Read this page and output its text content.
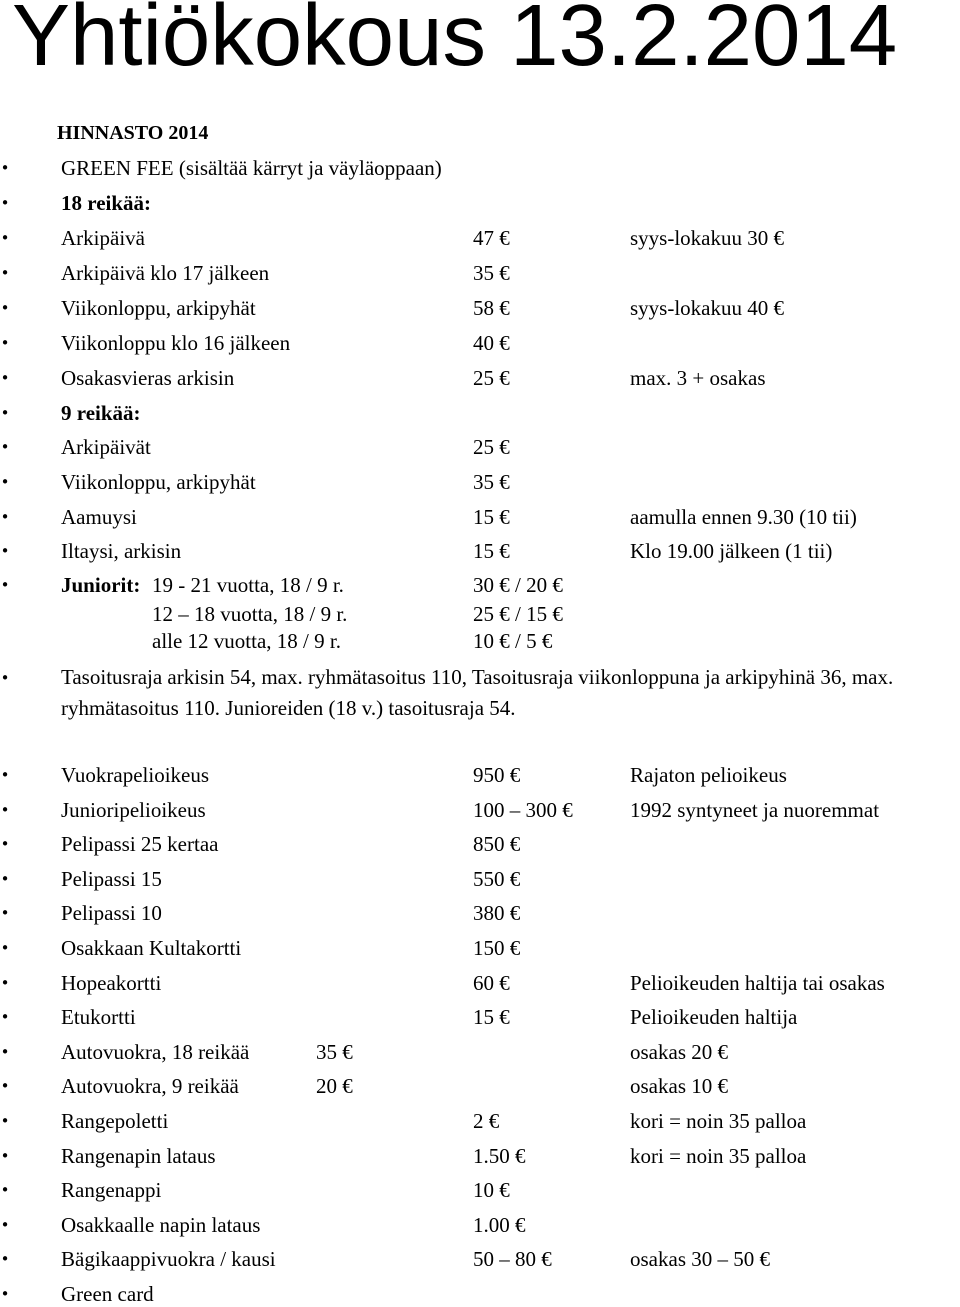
Yhtiökokous 13.2.2014
HINNASTO 2014
• GREEN FEE (sisältää kärryt ja väyläoppaan)
• 18 reikää:
• Arkipäivä	47 €	syys-lokakuu 30 €
• Arkipäivä klo 17 jälkeen	35 €
• Viikonloppu, arkipyhät	58 €	syys-lokakuu 40 €
• Viikonloppu klo 16 jälkeen	40 €
• Osakasvieras arkisin	25 €	max. 3 + osakas
• 9 reikää:
• Arkipäivät	25 €
• Viikonloppu, arkipyhät	35 €
• Aamuysi	15 €	aamulla ennen 9.30 (10 tii)
• Iltaysi, arkisin	15 €	Klo 19.00 jälkeen (1 tii)
• Juniorit: 19 - 21 vuotta, 18 / 9 r.	30 € / 20 €
12 – 18 vuotta, 18 / 9 r.	25 € / 15 €
alle 12 vuotta, 18 / 9 r.	10 € / 5 €
• Tasoitusraja arkisin 54, max. ryhmätasoitus 110, Tasoitusraja viikonloppuna ja arkipyhinä 36, max. ryhmätasoitus 110. Junioreiden (18 v.) tasoitusraja 54.
• Vuokrapelioikeus	950 €	Rajaton pelioikeus
• Junioripelioikeus	100 – 300 €	1992 syntyneet ja nuoremmat
• Pelipassi 25 kertaa	850 €
• Pelipassi 15	550 €
• Pelipassi 10	380 €
• Osakkaan Kultakortti	150 €
• Hopeakortti	60 €	Pelioikeuden haltija tai osakas
• Etukortti	15 €	Pelioikeuden haltija
• Autovuokra, 18 reikää	35 €	osakas 20 €
• Autovuokra, 9 reikää	20 €	osakas 10 €
• Rangepoletti	2 €	kori = noin 35 palloa
• Rangenapin lataus	1.50 €	kori = noin 35 palloa
• Rangenappi	10 €
• Osakkaalle napin lataus	1.00 €
• Bägikaappivuokra / kausi	50 – 80 €	osakas 30 – 50 €
• Green card
